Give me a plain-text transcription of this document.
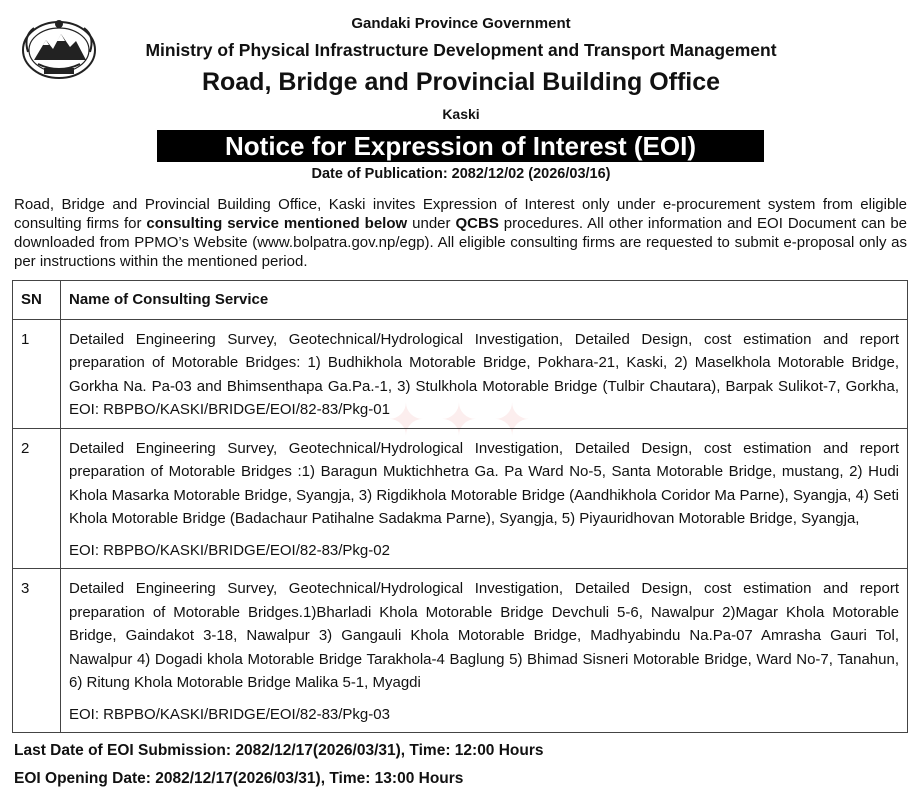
Gandaki Province Government
Ministry of Physical Infrastructure Development and Transport Management
Road, Bridge and Provincial Building Office
Kaski
Notice for Expression of Interest (EOI)
Date of Publication: 2082/12/02 (2026/03/16)
Road, Bridge and Provincial Building Office, Kaski invites Expression of Interest only under e-procurement system from eligible consulting firms for consulting service mentioned below under QCBS procedures. All other information and EOI Document can be downloaded from PPMO’s Website (www.bolpatra.gov.np/egp). All eligible consulting firms are requested to submit e-proposal only as per instructions within the mentioned period.
✦ ✦ ✦
SN	Name of Consulting Service
1	Detailed Engineering Survey, Geotechnical/Hydrological Investigation, Detailed Design, cost estimation and report preparation of Motorable Bridges: 1) Budhikhola Motorable Bridge, Pokhara-21, Kaski, 2) Maselkhola Motorable Bridge, Gorkha Na. Pa-03 and Bhimsenthapa Ga.Pa.-1, 3) Stulkhola Motorable Bridge (Tulbir Chautara), Barpak Sulikot-7, Gorkha, EOI: RBPBO/KASKI/BRIDGE/EOI/82-83/Pkg-01

2	Detailed Engineering Survey, Geotechnical/Hydrological Investigation, Detailed Design, cost estimation and report preparation of Motorable Bridges :1) Baragun Muktichhetra Ga. Pa Ward No-5, Santa Motorable Bridge, mustang, 2) Hudi Khola Masarka Motorable Bridge, Syangja, 3) Rigdikhola Motorable Bridge (Aandhikhola Coridor Ma Parne), Syangja, 4) Seti Khola Motorable Bridge (Badachaur Patihalne Sadakma Parne), Syangja, 5) Piyauridhovan Motorable Bridge, Syangja,
EOI: RBPBO/KASKI/BRIDGE/EOI/82-83/Pkg-02

3	Detailed Engineering Survey, Geotechnical/Hydrological Investigation, Detailed Design, cost estimation and report preparation of Motorable Bridges.1)Bharladi Khola Motorable Bridge Devchuli 5-6, Nawalpur 2)Magar Khola Motorable Bridge, Gaindakot 3-18, Nawalpur 3) Gangauli Khola Motorable Bridge, Madhyabindu Na.Pa-07 Amrasha Gauri Tol, Nawalpur 4) Dogadi khola Motorable Bridge Tarakhola-4 Baglung 5) Bhimad Sisneri Motorable Bridge, Ward No-7, Tanahun, 6) Ritung Khola Motorable Bridge Malika 5-1, Myagdi
EOI: RBPBO/KASKI/BRIDGE/EOI/82-83/Pkg-03
Last Date of EOI Submission: 2082/12/17(2026/03/31), Time: 12:00 Hours
EOI Opening Date: 2082/12/17(2026/03/31), Time: 13:00 Hours
